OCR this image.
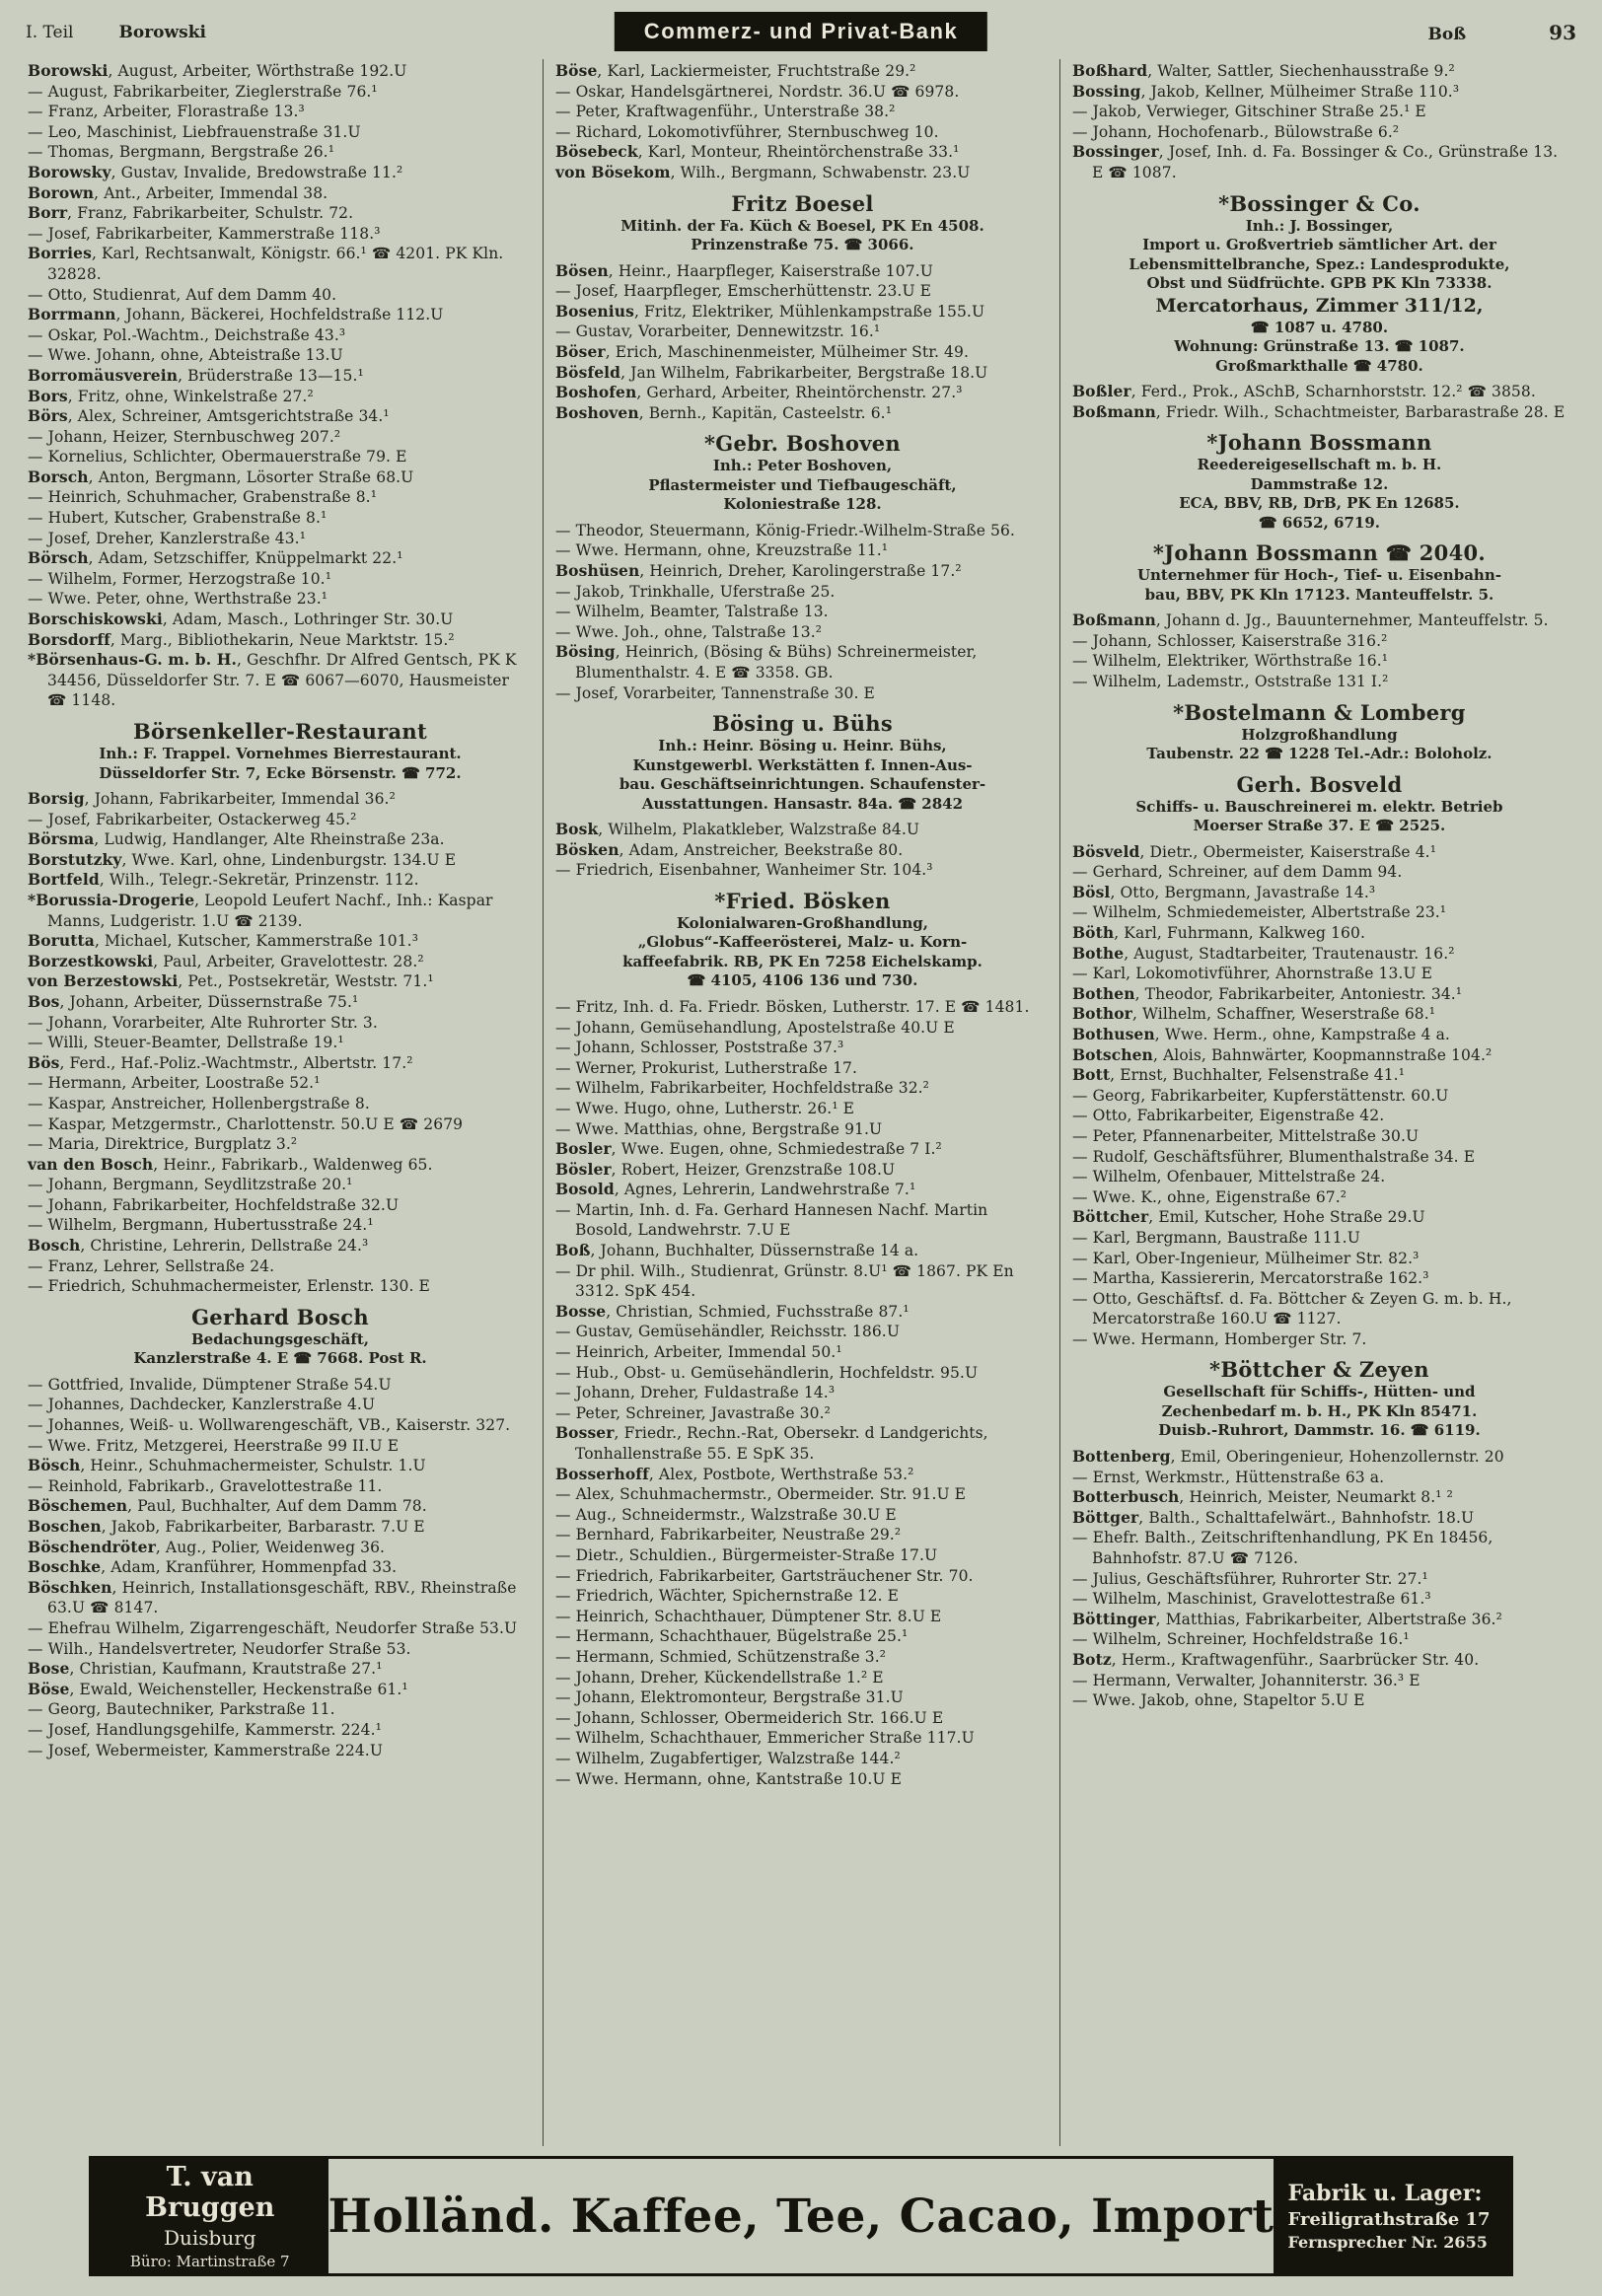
I. Teil	Borowski	Commerz- und Privat-Bank	Boß	93

Borowski, August, Arbeiter, Wörthstraße 192.U

— August, Fabrikarbeiter, Zieglerstraße 76.¹

— Franz, Arbeiter, Florastraße 13.³

— Leo, Maschinist, Liebfrauenstraße 31.U

— Thomas, Bergmann, Bergstraße 26.¹

Borowsky, Gustav, Invalide, Bredowstraße 11.²

Borown, Ant., Arbeiter, Immendal 38.

Borr, Franz, Fabrikarbeiter, Schulstr. 72.

— Josef, Fabrikarbeiter, Kammerstraße 118.³

Borries, Karl, Rechtsanwalt, Königstr. 66.¹ ☎ 4201. PK Kln. 32828.

— Otto, Studienrat, Auf dem Damm 40.

Borrmann, Johann, Bäckerei, Hochfeldstraße 112.U

— Oskar, Pol.-Wachtm., Deichstraße 43.³

— Wwe. Johann, ohne, Abteistraße 13.U

Borromäusverein, Brüderstraße 13—15.¹

Bors, Fritz, ohne, Winkelstraße 27.²

Börs, Alex, Schreiner, Amtsgerichtstraße 34.¹

— Johann, Heizer, Sternbuschweg 207.²

— Kornelius, Schlichter, Obermauerstraße 79. E

Borsch, Anton, Bergmann, Lösorter Straße 68.U

— Heinrich, Schuhmacher, Grabenstraße 8.¹

— Hubert, Kutscher, Grabenstraße 8.¹

— Josef, Dreher, Kanzlerstraße 43.¹

Börsch, Adam, Setzschiffer, Knüppelmarkt 22.¹

— Wilhelm, Former, Herzogstraße 10.¹

— Wwe. Peter, ohne, Werthstraße 23.¹

Borschiskowski, Adam, Masch., Lothringer Str. 30.U

Borsdorff, Marg., Bibliothekarin, Neue Marktstr. 15.²

*Börsenhaus-G. m. b. H., Geschfhr. Dr Alfred Gentsch, PK K 34456, Düsseldorfer Str. 7. E ☎ 6067—6070, Hausmeister ☎ 1148.

Börsenkeller-Restaurant
Inh.: F. Trappel. Vornehmes Bierrestaurant.
Düsseldorfer Str. 7, Ecke Börsenstr. ☎ 772.

Borsig, Johann, Fabrikarbeiter, Immendal 36.²

— Josef, Fabrikarbeiter, Ostackerweg 45.²

Börsma, Ludwig, Handlanger, Alte Rheinstraße 23a.

Borstutzky, Wwe. Karl, ohne, Lindenburgstr. 134.U E

Bortfeld, Wilh., Telegr.-Sekretär, Prinzenstr. 112.

*Borussia-Drogerie, Leopold Leufert Nachf., Inh.: Kaspar Manns, Ludgeristr. 1.U ☎ 2139.

Borutta, Michael, Kutscher, Kammerstraße 101.³

Borzestkowski, Paul, Arbeiter, Gravelottestr. 28.²

von Berzestowski, Pet., Postsekretär, Weststr. 71.¹

Bos, Johann, Arbeiter, Düssernstraße 75.¹

— Johann, Vorarbeiter, Alte Ruhrorter Str. 3.

— Willi, Steuer-Beamter, Dellstraße 19.¹

Bös, Ferd., Haf.-Poliz.-Wachtmstr., Albertstr. 17.²

— Hermann, Arbeiter, Loostraße 52.¹

— Kaspar, Anstreicher, Hollenbergstraße 8.

— Kaspar, Metzgermstr., Charlottenstr. 50.U E ☎ 2679

— Maria, Direktrice, Burgplatz 3.²

van den Bosch, Heinr., Fabrikarb., Waldenweg 65.

— Johann, Bergmann, Seydlitzstraße 20.¹

— Johann, Fabrikarbeiter, Hochfeldstraße 32.U

— Wilhelm, Bergmann, Hubertusstraße 24.¹

Bosch, Christine, Lehrerin, Dellstraße 24.³

— Franz, Lehrer, Sellstraße 24.

— Friedrich, Schuhmachermeister, Erlenstr. 130. E

Gerhard Bosch
Bedachungsgeschäft,
Kanzlerstraße 4. E ☎ 7668. Post R.

— Gottfried, Invalide, Dümptener Straße 54.U

— Johannes, Dachdecker, Kanzlerstraße 4.U

— Johannes, Weiß- u. Wollwarengeschäft, VB., Kaiserstr. 327.

— Wwe. Fritz, Metzgerei, Heerstraße 99 II.U E

Bösch, Heinr., Schuhmachermeister, Schulstr. 1.U

— Reinhold, Fabrikarb., Gravelottestraße 11.

Böschemen, Paul, Buchhalter, Auf dem Damm 78.

Boschen, Jakob, Fabrikarbeiter, Barbarastr. 7.U E

Böschendröter, Aug., Polier, Weidenweg 36.

Boschke, Adam, Kranführer, Hommenpfad 33.

Böschken, Heinrich, Installationsgeschäft, RBV., Rheinstraße 63.U ☎ 8147.

— Ehefrau Wilhelm, Zigarrengeschäft, Neudorfer Straße 53.U

— Wilh., Handelsvertreter, Neudorfer Straße 53.

Bose, Christian, Kaufmann, Krautstraße 27.¹

Böse, Ewald, Weichensteller, Heckenstraße 61.¹

— Georg, Bautechniker, Parkstraße 11.

— Josef, Handlungsgehilfe, Kammerstr. 224.¹

— Josef, Webermeister, Kammerstraße 224.U

Böse, Karl, Lackiermeister, Fruchtstraße 29.²

— Oskar, Handelsgärtnerei, Nordstr. 36.U ☎ 6978.

— Peter, Kraftwagenführ., Unterstraße 38.²

— Richard, Lokomotivführer, Sternbuschweg 10.

Bösebeck, Karl, Monteur, Rheintörchenstraße 33.¹

von Bösekom, Wilh., Bergmann, Schwabenstr. 23.U

Fritz Boesel
Mitinh. der Fa. Küch & Boesel, PK En 4508.
Prinzenstraße 75. ☎ 3066.

Bösen, Heinr., Haarpfleger, Kaiserstraße 107.U

— Josef, Haarpfleger, Emscherhüttenstr. 23.U E

Bosenius, Fritz, Elektriker, Mühlenkampstraße 155.U

— Gustav, Vorarbeiter, Dennewitzstr. 16.¹

Böser, Erich, Maschinenmeister, Mülheimer Str. 49.

Bösfeld, Jan Wilhelm, Fabrikarbeiter, Bergstraße 18.U

Boshofen, Gerhard, Arbeiter, Rheintörchenstr. 27.³

Boshoven, Bernh., Kapitän, Casteelstr. 6.¹

*Gebr. Boshoven
Inh.: Peter Boshoven,
Pflastermeister und Tiefbaugeschäft,
Koloniestraße 128.

— Theodor, Steuermann, König-Friedr.-Wilhelm-Straße 56.

— Wwe. Hermann, ohne, Kreuzstraße 11.¹

Boshüsen, Heinrich, Dreher, Karolingerstraße 17.²

— Jakob, Trinkhalle, Uferstraße 25.

— Wilhelm, Beamter, Talstraße 13.

— Wwe. Joh., ohne, Talstraße 13.²

Bösing, Heinrich, (Bösing & Bühs) Schreinermeister, Blumenthalstr. 4. E ☎ 3358. GB.

— Josef, Vorarbeiter, Tannenstraße 30. E

Bösing u. Bühs
Inh.: Heinr. Bösing u. Heinr. Bühs,
Kunstgewerbl. Werkstätten f. Innen-Aus-
bau. Geschäftseinrichtungen. Schaufenster-
Ausstattungen. Hansastr. 84a. ☎ 2842

Bosk, Wilhelm, Plakatkleber, Walzstraße 84.U

Bösken, Adam, Anstreicher, Beekstraße 80.

— Friedrich, Eisenbahner, Wanheimer Str. 104.³

*Fried. Bösken
Kolonialwaren-Großhandlung,
„Globus“-Kaffeerösterei, Malz- u. Korn-
kaffeefabrik. RB, PK En 7258 Eichelskamp.
☎ 4105, 4106 136 und 730.

— Fritz, Inh. d. Fa. Friedr. Bösken, Lutherstr. 17. E ☎ 1481.

— Johann, Gemüsehandlung, Apostelstraße 40.U E

— Johann, Schlosser, Poststraße 37.³

— Werner, Prokurist, Lutherstraße 17.

— Wilhelm, Fabrikarbeiter, Hochfeldstraße 32.²

— Wwe. Hugo, ohne, Lutherstr. 26.¹ E

— Wwe. Matthias, ohne, Bergstraße 91.U

Bosler, Wwe. Eugen, ohne, Schmiedestraße 7 I.²

Bösler, Robert, Heizer, Grenzstraße 108.U

Bosold, Agnes, Lehrerin, Landwehrstraße 7.¹

— Martin, Inh. d. Fa. Gerhard Hannesen Nachf. Martin Bosold, Landwehrstr. 7.U E

Boß, Johann, Buchhalter, Düssernstraße 14 a.

— Dr phil. Wilh., Studienrat, Grünstr. 8.U¹ ☎ 1867. PK En 3312. SpK 454.

Bosse, Christian, Schmied, Fuchsstraße 87.¹

— Gustav, Gemüsehändler, Reichsstr. 186.U

— Heinrich, Arbeiter, Immendal 50.¹

— Hub., Obst- u. Gemüsehändlerin, Hochfeldstr. 95.U

— Johann, Dreher, Fuldastraße 14.³

— Peter, Schreiner, Javastraße 30.²

Bosser, Friedr., Rechn.-Rat, Obersekr. d Landgerichts, Tonhallenstraße 55. E SpK 35.

Bosserhoff, Alex, Postbote, Werthstraße 53.²

— Alex, Schuhmachermstr., Obermeider. Str. 91.U E

— Aug., Schneidermstr., Walzstraße 30.U E

— Bernhard, Fabrikarbeiter, Neustraße 29.²

— Dietr., Schuldien., Bürgermeister-Straße 17.U

— Friedrich, Fabrikarbeiter, Gartsträuchener Str. 70.

— Friedrich, Wächter, Spichernstraße 12. E

— Heinrich, Schachthauer, Dümptener Str. 8.U E

— Hermann, Schachthauer, Bügelstraße 25.¹

— Hermann, Schmied, Schützenstraße 3.²

— Johann, Dreher, Kückendellstraße 1.² E

— Johann, Elektromonteur, Bergstraße 31.U

— Johann, Schlosser, Obermeiderich Str. 166.U E

— Wilhelm, Schachthauer, Emmericher Straße 117.U

— Wilhelm, Zugabfertiger, Walzstraße 144.²

— Wwe. Hermann, ohne, Kantstraße 10.U E

Boßhard, Walter, Sattler, Siechenhausstraße 9.²

Bossing, Jakob, Kellner, Mülheimer Straße 110.³

— Jakob, Verwieger, Gitschiner Straße 25.¹ E

— Johann, Hochofenarb., Bülowstraße 6.²

Bossinger, Josef, Inh. d. Fa. Bossinger & Co., Grünstraße 13. E ☎ 1087.

*Bossinger & Co.
Inh.: J. Bossinger,
Import u. Großvertrieb sämtlicher Art. der
Lebensmittelbranche, Spez.: Landesprodukte,
Obst und Südfrüchte. GPB PK Kln 73338.
Mercatorhaus, Zimmer 311/12,
☎ 1087 u. 4780.
Wohnung: Grünstraße 13. ☎ 1087.
Großmarkthalle ☎ 4780.

Boßler, Ferd., Prok., ASchB, Scharnhorststr. 12.² ☎ 3858.

Boßmann, Friedr. Wilh., Schachtmeister, Barbarastraße 28. E

*Johann Bossmann
Reedereigesellschaft m. b. H.
Dammstraße 12.
ECA, BBV, RB, DrB, PK En 12685.
☎ 6652, 6719.
*Johann Bossmann ☎ 2040.
Unternehmer für Hoch-, Tief- u. Eisenbahn-
bau, BBV, PK Kln 17123. Manteuffelstr. 5.

Boßmann, Johann d. Jg., Bauunternehmer, Manteuffelstr. 5.

— Johann, Schlosser, Kaiserstraße 316.²

— Wilhelm, Elektriker, Wörthstraße 16.¹

— Wilhelm, Lademstr., Oststraße 131 I.²

*Bostelmann & Lomberg
Holzgroßhandlung
Taubenstr. 22 ☎ 1228 Tel.-Adr.: Boloholz.
Gerh. Bosveld
Schiffs- u. Bauschreinerei m. elektr. Betrieb
Moerser Straße 37. E ☎ 2525.

Bösveld, Dietr., Obermeister, Kaiserstraße 4.¹

— Gerhard, Schreiner, auf dem Damm 94.

Bösl, Otto, Bergmann, Javastraße 14.³

— Wilhelm, Schmiedemeister, Albertstraße 23.¹

Böth, Karl, Fuhrmann, Kalkweg 160.

Bothe, August, Stadtarbeiter, Trautenaustr. 16.²

— Karl, Lokomotivführer, Ahornstraße 13.U E

Bothen, Theodor, Fabrikarbeiter, Antoniestr. 34.¹

Bothor, Wilhelm, Schaffner, Weserstraße 68.¹

Bothusen, Wwe. Herm., ohne, Kampstraße 4 a.

Botschen, Alois, Bahnwärter, Koopmannstraße 104.²

Bott, Ernst, Buchhalter, Felsenstraße 41.¹

— Georg, Fabrikarbeiter, Kupferstättenstr. 60.U

— Otto, Fabrikarbeiter, Eigenstraße 42.

— Peter, Pfannenarbeiter, Mittelstraße 30.U

— Rudolf, Geschäftsführer, Blumenthalstraße 34. E

— Wilhelm, Ofenbauer, Mittelstraße 24.

— Wwe. K., ohne, Eigenstraße 67.²

Böttcher, Emil, Kutscher, Hohe Straße 29.U

— Karl, Bergmann, Baustraße 111.U

— Karl, Ober-Ingenieur, Mülheimer Str. 82.³

— Martha, Kassiererin, Mercatorstraße 162.³

— Otto, Geschäftsf. d. Fa. Böttcher & Zeyen G. m. b. H., Mercatorstraße 160.U ☎ 1127.

— Wwe. Hermann, Homberger Str. 7.

*Böttcher & Zeyen
Gesellschaft für Schiffs-, Hütten- und
Zechenbedarf m. b. H., PK Kln 85471.
Duisb.-Ruhrort, Dammstr. 16. ☎ 6119.

Bottenberg, Emil, Oberingenieur, Hohenzollernstr. 20

— Ernst, Werkmstr., Hüttenstraße 63 a.

Botterbusch, Heinrich, Meister, Neumarkt 8.¹ ²

Böttger, Balth., Schalttafelwärt., Bahnhofstr. 18.U

— Ehefr. Balth., Zeitschriftenhandlung, PK En 18456, Bahnhofstr. 87.U ☎ 7126.

— Julius, Geschäftsführer, Ruhrorter Str. 27.¹

— Wilhelm, Maschinist, Gravelottestraße 61.³

Böttinger, Matthias, Fabrikarbeiter, Albertstraße 36.²

— Wilhelm, Schreiner, Hochfeldstraße 16.¹

Botz, Herm., Kraftwagenführ., Saarbrücker Str. 40.

— Hermann, Verwalter, Johanniterstr. 36.³ E

— Wwe. Jakob, ohne, Stapeltor 5.U E

T. van Bruggen
Duisburg
Büro: Martinstraße 7
Holländ. Kaffee, Tee, Cacao, Import Fabrik u. Lager:
Freiligrathstraße 17
Fernsprecher Nr. 2655
